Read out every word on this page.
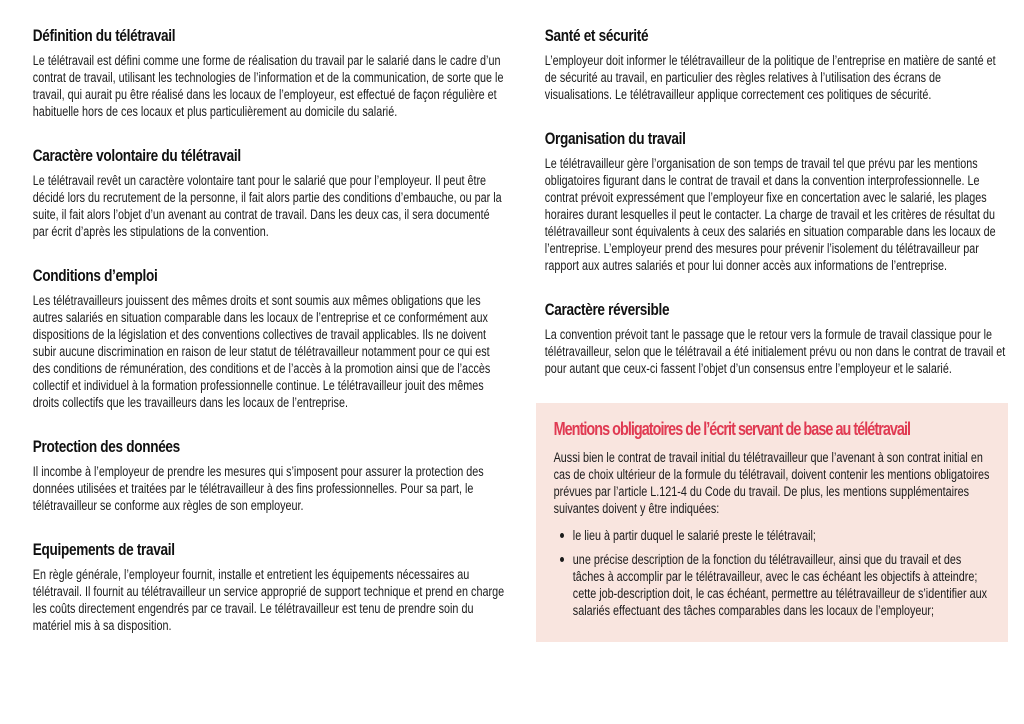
Définition du télétravail

Le télétravail est défini comme une forme de réalisation du travail par le salarié dans le cadre d’un contrat de travail, utilisant les technologies de l’information et de la communication, de sorte que le travail, qui aurait pu être réalisé dans les locaux de l’employeur, est effectué de façon régulière et habituelle hors de ces locaux et plus particulièrement au domicile du salarié.

Caractère volontaire du télétravail

Le télétravail revêt un caractère volontaire tant pour le salarié que pour l’employeur. Il peut être décidé lors du recrutement de la personne, il fait alors partie des conditions d’embauche, ou par la suite, il fait alors l’objet d’un avenant au contrat de travail. Dans les deux cas, il sera documenté par écrit d’après les stipulations de la convention.

Conditions d’emploi

Les télétravailleurs jouissent des mêmes droits et sont soumis aux mêmes obligations que les autres salariés en situation comparable dans les locaux de l’entreprise et ce conformément aux dispositions de la législation et des conventions collectives de travail applicables. Ils ne doivent subir aucune discrimination en raison de leur statut de télétravailleur notamment pour ce qui est des conditions de rémunération, des conditions et de l’accès à la promotion ainsi que de l’accès collectif et individuel à la formation professionnelle continue. Le télétravailleur jouit des mêmes droits collectifs que les travailleurs dans les locaux de l’entreprise.

Protection des données

Il incombe à l’employeur de prendre les mesures qui s’imposent pour assurer la protection des données utilisées et traitées par le télétravailleur à des fins professionnelles. Pour sa part, le télétravailleur se conforme aux règles de son employeur.

Equipements de travail

En règle générale, l’employeur fournit, installe et entretient les équipements nécessaires au télétravail. Il fournit au télétravailleur un service approprié de support technique et prend en charge les coûts directement engendrés par ce travail. Le télétravailleur est tenu de prendre soin du matériel mis à sa disposition.

Santé et sécurité

L’employeur doit informer le télétravailleur de la politique de l’entreprise en matière de santé et de sécurité au travail, en particulier des règles relatives à l’utilisation des écrans de visualisations. Le télétravailleur applique correctement ces politiques de sécurité.

Organisation du travail

Le télétravailleur gère l’organisation de son temps de travail tel que prévu par les mentions obligatoires figurant dans le contrat de travail et dans la convention interprofessionnelle. Le contrat prévoit expressément que l’employeur fixe en concertation avec le salarié, les plages horaires durant lesquelles il peut le contacter. La charge de travail et les critères de résultat du télétravailleur sont équivalents à ceux des salariés en situation comparable dans les locaux de l’entreprise. L’employeur prend des mesures pour prévenir l’isolement du télétravailleur par rapport aux autres salariés et pour lui donner accès aux informations de l’entreprise.

Caractère réversible

La convention prévoit tant le passage que le retour vers la formule de travail classique pour le télétravailleur, selon que le télétravail a été initialement prévu ou non dans le contrat de travail et pour autant que ceux-ci fassent l’objet d’un consensus entre l’employeur et le salarié.

Mentions obligatoires de l’écrit servant de base au télétravail

Aussi bien le contrat de travail initial du télétravailleur que l’avenant à son contrat initial en cas de choix ultérieur de la formule du télétravail, doivent contenir les mentions obligatoires prévues par l’article L.121-4 du Code du travail. De plus, les mentions supplémentaires suivantes doivent y être indiquées:

le lieu à partir duquel le salarié preste le télétravail;
une précise description de la fonction du télétravailleur, ainsi que du travail et des tâches à accomplir par le télétravailleur, avec le cas échéant les objectifs à atteindre; cette job-description doit, le cas échéant, permettre au télétravailleur de s’identifier aux salariés effectuant des tâches comparables dans les locaux de l’employeur;
